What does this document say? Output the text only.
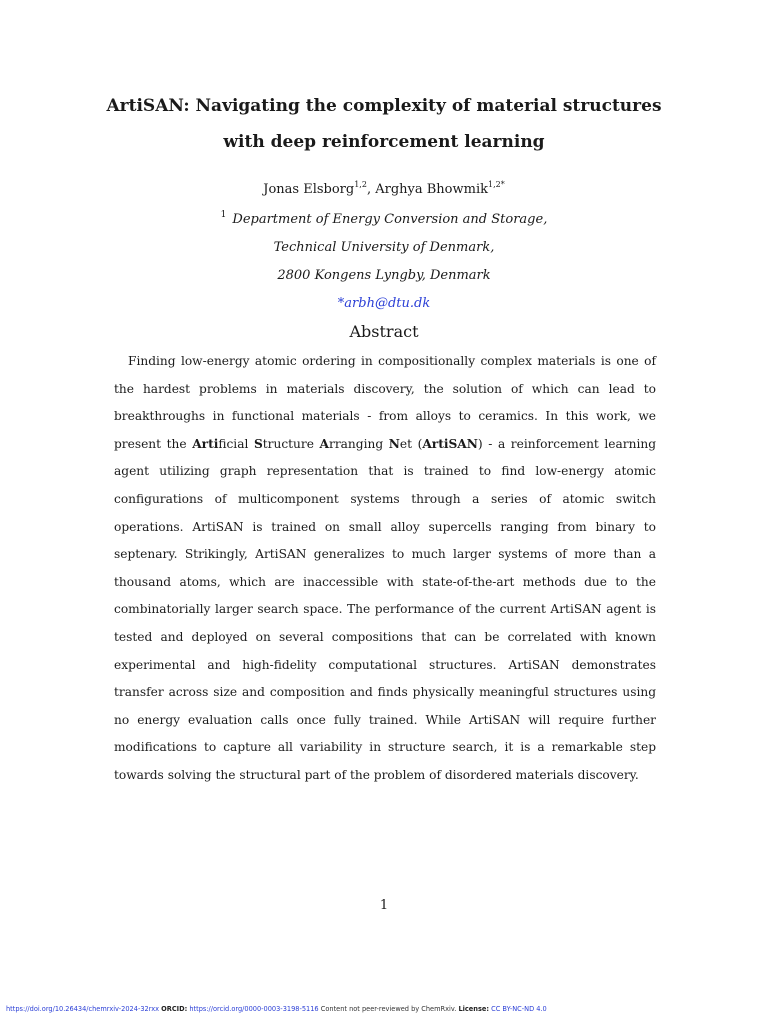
ArtiSAN: Navigating the complexity of material structures
with deep reinforcement learning
Jonas Elsborg$^{1,2}$, Arghya Bhowmik$^{1,2*}$
$^1$ Department of Energy Conversion and Storage,
Technical University of Denmark,
2800 Kongens Lyngby, Denmark
*arbh@dtu.dk
Abstract
Finding low-energy atomic ordering in compositionally complex materials is one of the hardest problems in materials discovery, the solution of which can lead to breakthroughs in functional materials - from alloys to ceramics. In this work, we present the Artificial Structure Arranging Net (ArtiSAN) - a reinforcement learning agent utilizing graph representation that is trained to find low-energy atomic configurations of multicomponent systems through a series of atomic switch operations. ArtiSAN is trained on small alloy supercells ranging from binary to septenary. Strikingly, ArtiSAN generalizes to much larger systems of more than a thousand atoms, which are inaccessible with state-of-the-art methods due to the combinatorially larger search space. The performance of the current ArtiSAN agent is tested and deployed on several compositions that can be correlated with known experimental and high-fidelity computational structures. ArtiSAN demonstrates transfer across size and composition and finds physically meaningful structures using no energy evaluation calls once fully trained. While ArtiSAN will require further modifications to capture all variability in structure search, it is a remarkable step towards solving the structural part of the problem of disordered materials discovery.
1
https://doi.org/10.26434/chemrxiv-2024-32rxx ORCID: https://orcid.org/0000-0003-3198-5116 Content not peer-reviewed by ChemRxiv. License: CC BY-NC-ND 4.0
